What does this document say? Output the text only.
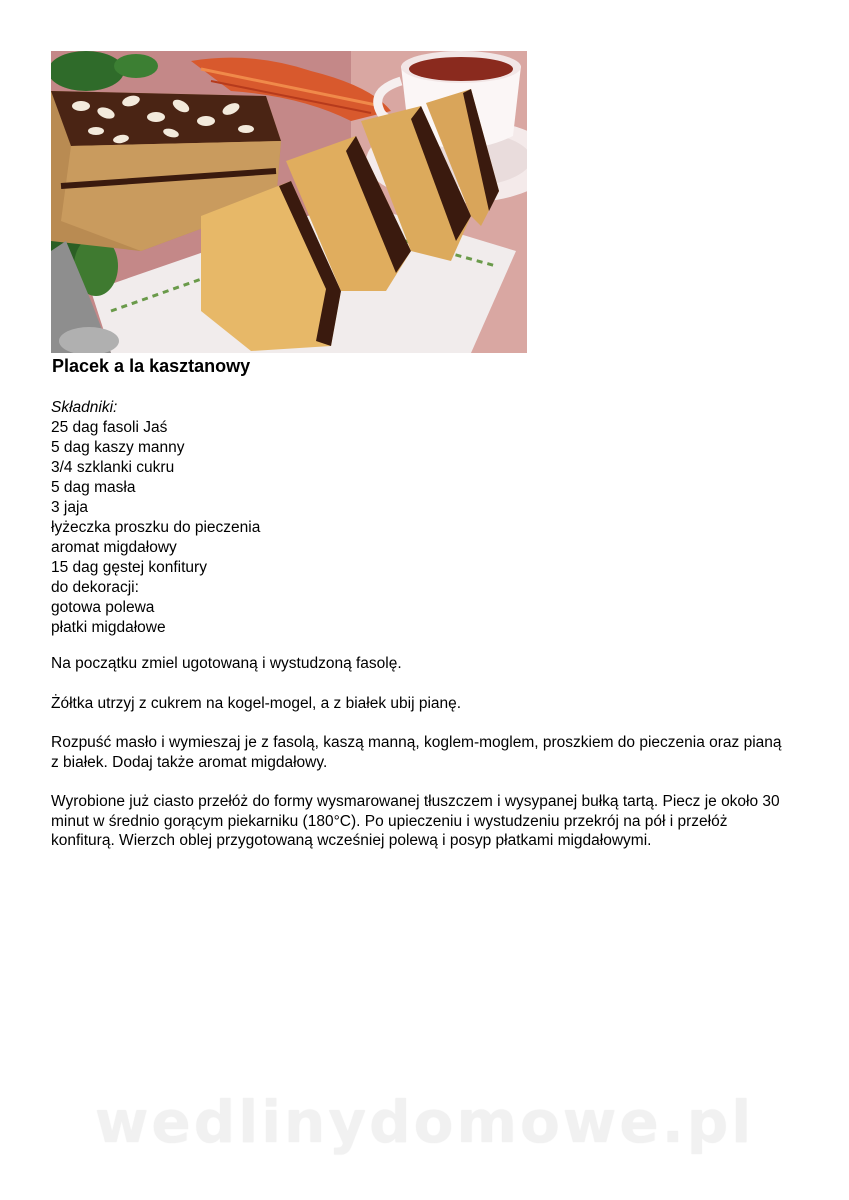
Placek a la kasztanowy
Składniki:
25 dag fasoli Jaś
5 dag kaszy manny
3/4 szklanki cukru
5 dag masła
3 jaja
łyżeczka proszku do pieczenia
aromat migdałowy
15 dag gęstej konfitury
do dekoracji:
gotowa polewa
płatki migdałowe

Na początku zmiel ugotowaną i wystudzoną fasolę.

Żółtka utrzyj z cukrem na kogel-mogel, a z białek ubij pianę.

Rozpuść masło i wymieszaj je z fasolą, kaszą manną, koglem-moglem, proszkiem do pieczenia oraz pianą z białek. Dodaj także aromat migdałowy.

Wyrobione już ciasto przełóż do formy wysmarowanej tłuszczem i wysypanej bułką tartą. Piecz je około 30 minut w średnio gorącym piekarniku (180°C). Po upieczeniu i wystudzeniu przekrój na pół i przełóż konfiturą. Wierzch oblej przygotowaną wcześniej polewą i posyp płatkami migdałowymi.

wedlinydomowe.pl
